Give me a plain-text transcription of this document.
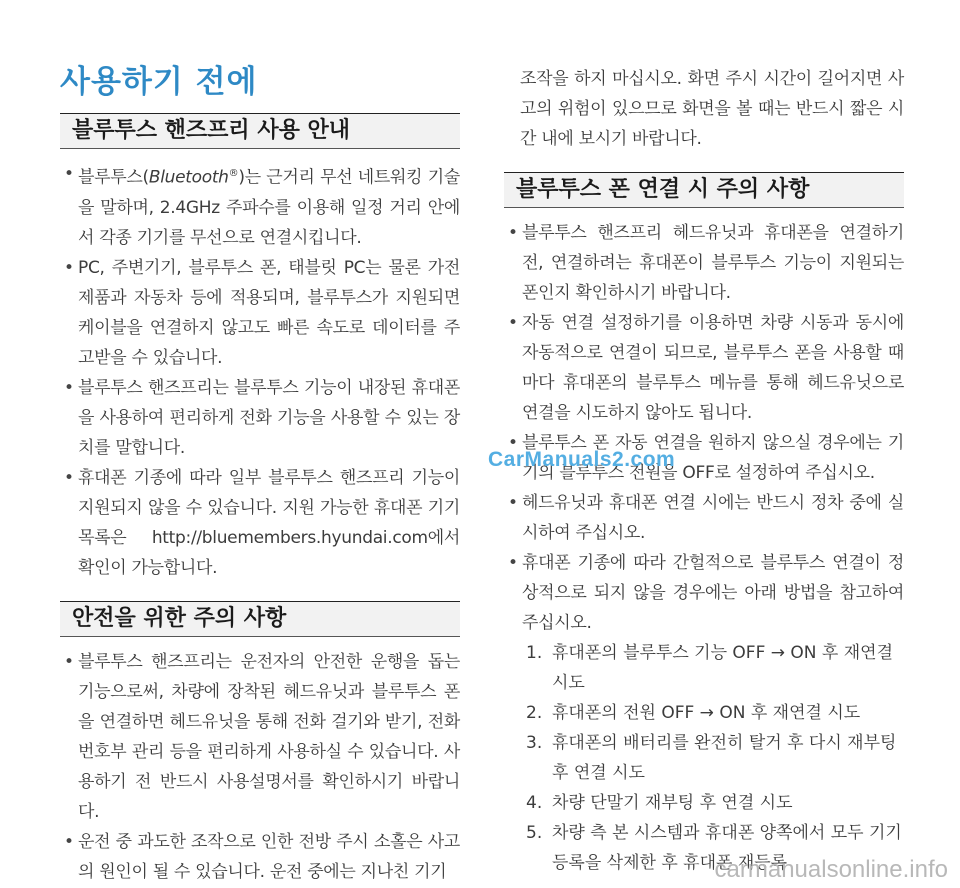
사용하기 전에
블루투스 핸즈프리 사용 안내
• 블루투스(Bluetooth®)는 근거리 무선 네트워킹 기술을 말하며, 2.4GHz 주파수를 이용해 일정 거리 안에서 각종 기기를 무선으로 연결시킵니다.
• PC, 주변기기, 블루투스 폰, 태블릿 PC는 물론 가전제품과 자동차 등에 적용되며, 블루투스가 지원되면 케이블을 연결하지 않고도 빠른 속도로 데이터를 주고받을 수 있습니다.
• 블루투스 핸즈프리는 블루투스 기능이 내장된 휴대폰을 사용하여 편리하게 전화 기능을 사용할 수 있는 장치를 말합니다.
• 휴대폰 기종에 따라 일부 블루투스 핸즈프리 기능이 지원되지 않을 수 있습니다. 지원 가능한 휴대폰 기기 목록은 http://bluemembers.hyundai.com에서 확인이 가능합니다.
안전을 위한 주의 사항
• 블루투스 핸즈프리는 운전자의 안전한 운행을 돕는 기능으로써, 차량에 장착된 헤드유닛과 블루투스 폰을 연결하면 헤드유닛을 통해 전화 걸기와 받기, 전화번호부 관리 등을 편리하게 사용하실 수 있습니다. 사용하기 전 반드시 사용설명서를 확인하시기 바랍니다.
• 운전 중 과도한 조작으로 인한 전방 주시 소홀은 사고의 원인이 될 수 있습니다. 운전 중에는 지나친 기기
조작을 하지 마십시오. 화면 주시 시간이 길어지면 사고의 위험이 있으므로 화면을 볼 때는 반드시 짧은 시간 내에 보시기 바랍니다.
블루투스 폰 연결 시 주의 사항
• 블루투스 핸즈프리 헤드유닛과 휴대폰을 연결하기 전, 연결하려는 휴대폰이 블루투스 기능이 지원되는 폰인지 확인하시기 바랍니다.
• 자동 연결 설정하기를 이용하면 차량 시동과 동시에 자동적으로 연결이 되므로, 블루투스 폰을 사용할 때마다 휴대폰의 블루투스 메뉴를 통해 헤드유닛으로 연결을 시도하지 않아도 됩니다.
• 블루투스 폰 자동 연결을 원하지 않으실 경우에는 기기의 블루투스 전원을 OFF로 설정하여 주십시오.
• 헤드유닛과 휴대폰 연결 시에는 반드시 정차 중에 실시하여 주십시오.
• 휴대폰 기종에 따라 간헐적으로 블루투스 연결이 정상적으로 되지 않을 경우에는 아래 방법을 참고하여 주십시오.
1. 휴대폰의 블루투스 기능 OFF → ON 후 재연결 시도
2. 휴대폰의 전원 OFF → ON 후 재연결 시도
3. 휴대폰의 배터리를 완전히 탈거 후 다시 재부팅 후 연결 시도
4. 차량 단말기 재부팅 후 연결 시도
5. 차량 측 본 시스템과 휴대폰 양쪽에서 모두 기기 등록을 삭제한 후 휴대폰 재등록
CarManuals2.com
carmanualsonline.info
